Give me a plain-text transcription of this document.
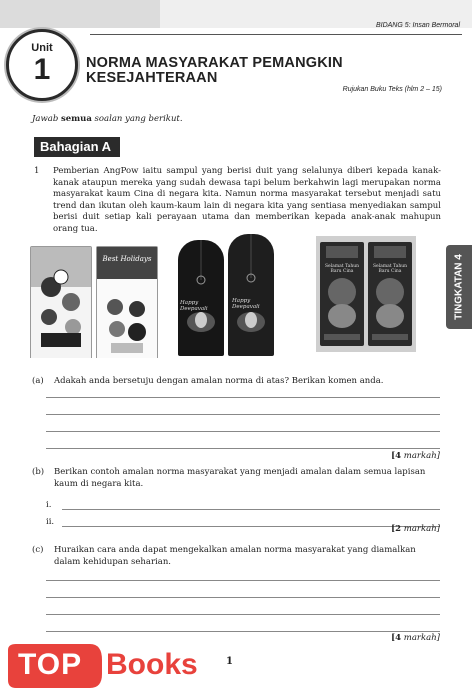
BIDANG 5: Insan Bermoral
Unit
1	NORMA MASYARAKAT PEMANGKIN
KESEJAHTERAAN
Rujukan Buku Teks (hlm 2 – 15)
Jawab semua soalan yang berikut.
Bahagian A
1 Pemberian AngPow iaitu sampul yang berisi duit yang selalunya diberi kepada kanak-kanak ataupun mereka yang sudah dewasa tapi belum berkahwin lagi merupakan norma masyarakat kaum Cina di negara kita. Namun norma masyarakat tersebut menjadi satu trend dan ikutan oleh kaum-kaum lain di negara kita yang sentiasa menyediakan sampul berisi duit setiap kali perayaan utama dan memberikan kepada anak-anak mahupun orang tua.
Best Holidays
Happy Deepavali
Happy Deepavali
Selamat Tahun Baru Cina
Selamat Tahun Baru Cina	TINGKATAN 4
(a) Adakah anda bersetuju dengan amalan norma di atas? Berikan komen anda.
[4 markah]
(b) Berikan contoh amalan norma masyarakat yang menjadi amalan dalam semua lapisan kaum di negara kita.
i.
ii.
[2 markah]
(c) Huraikan cara anda dapat mengekalkan amalan norma masyarakat yang diamalkan dalam kehidupan seharian.
[4 markah]
1
TOP Books
